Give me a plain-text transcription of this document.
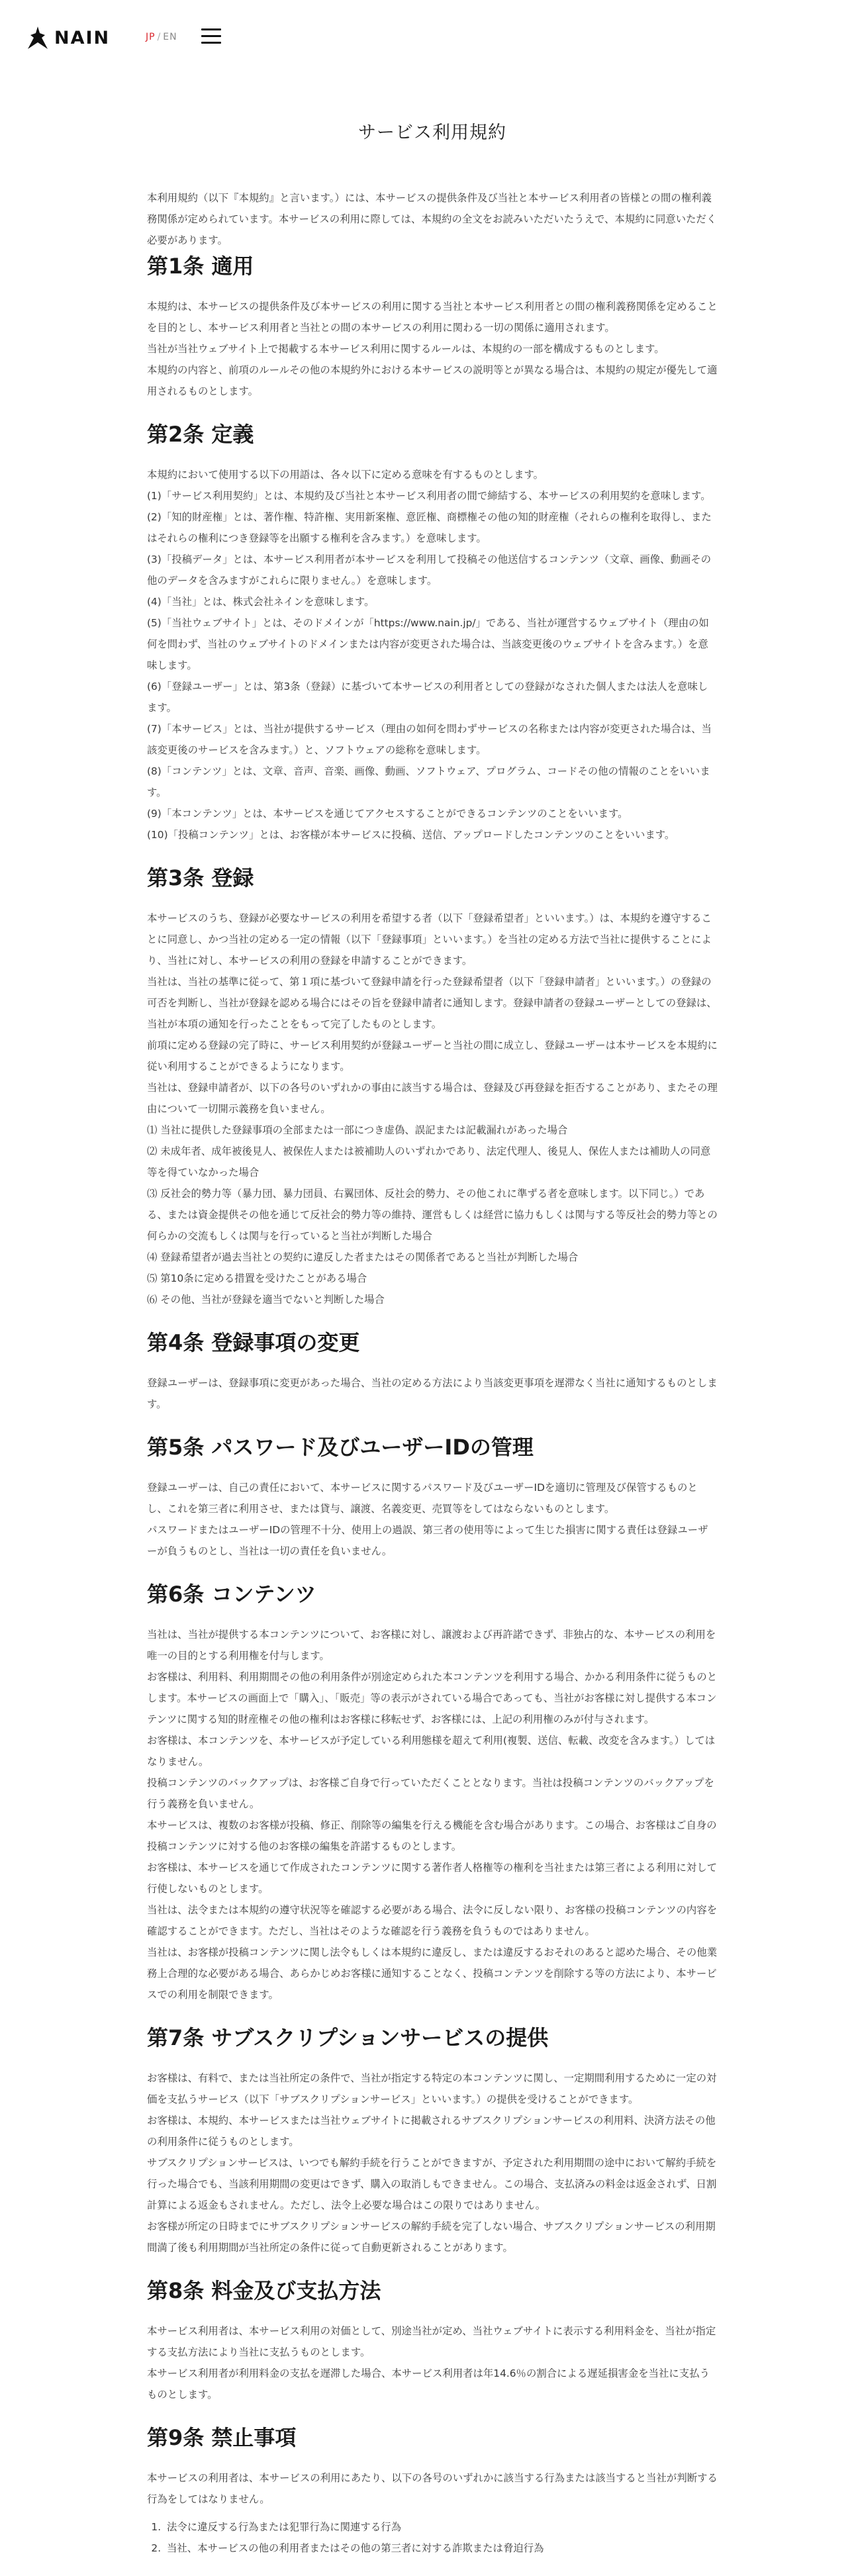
NAIN	JP / EN
サービス利用規約

本利用規約（以下『本規約』と言います。）には、本サービスの提供条件及び当社と本サービス利用者の皆様との間の権利義務関係が定められています。本サービスの利用に際しては、本規約の全文をお読みいただいたうえで、本規約に同意いただく必要があります。

第1条 適用

本規約は、本サービスの提供条件及び本サービスの利用に関する当社と本サービス利用者との間の権利義務関係を定めることを目的とし、本サービス利用者と当社との間の本サービスの利用に関わる一切の関係に適用されます。

当社が当社ウェブサイト上で掲載する本サービス利用に関するルールは、本規約の一部を構成するものとします。

本規約の内容と、前項のルールその他の本規約外における本サービスの説明等とが異なる場合は、本規約の規定が優先して適用されるものとします。

第2条 定義

本規約において使用する以下の用語は、各々以下に定める意味を有するものとします。

(1)「サービス利用契約」とは、本規約及び当社と本サービス利用者の間で締結する、本サービスの利用契約を意味します。

(2)「知的財産権」とは、著作権、特許権、実用新案権、意匠権、商標権その他の知的財産権（それらの権利を取得し、またはそれらの権利につき登録等を出願する権利を含みます。）を意味します。

(3)「投稿データ」とは、本サービス利用者が本サービスを利用して投稿その他送信するコンテンツ（文章、画像、動画その他のデータを含みますがこれらに限りません。）を意味します。

(4)「当社」とは、株式会社ネインを意味します。

(5)「当社ウェブサイト」とは、そのドメインが「https://www.nain.jp/」である、当社が運営するウェブサイト（理由の如何を問わず、当社のウェブサイトのドメインまたは内容が変更された場合は、当該変更後のウェブサイトを含みます。）を意味します。

(6)「登録ユーザー」とは、第3条（登録）に基づいて本サービスの利用者としての登録がなされた個人または法人を意味します。

(7)「本サービス」とは、当社が提供するサービス（理由の如何を問わずサービスの名称または内容が変更された場合は、当該変更後のサービスを含みます。）と、ソフトウェアの総称を意味します。

(8)「コンテンツ」とは、文章、音声、音楽、画像、動画、ソフトウェア、プログラム、コードその他の情報のことをいいます。

(9)「本コンテンツ」とは、本サービスを通じてアクセスすることができるコンテンツのことをいいます。

(10)「投稿コンテンツ」とは、お客様が本サービスに投稿、送信、アップロードしたコンテンツのことをいいます。

第3条 登録

本サービスのうち、登録が必要なサービスの利用を希望する者（以下「登録希望者」といいます。）は、本規約を遵守することに同意し、かつ当社の定める一定の情報（以下「登録事項」といいます。）を当社の定める方法で当社に提供することにより、当社に対し、本サービスの利用の登録を申請することができます。

当社は、当社の基準に従って、第１項に基づいて登録申請を行った登録希望者（以下「登録申請者」といいます。）の登録の可否を判断し、当社が登録を認める場合にはその旨を登録申請者に通知します。登録申請者の登録ユーザーとしての登録は、当社が本項の通知を行ったことをもって完了したものとします。

前項に定める登録の完了時に、サービス利用契約が登録ユーザーと当社の間に成立し、登録ユーザーは本サービスを本規約に従い利用することができるようになります。

当社は、登録申請者が、以下の各号のいずれかの事由に該当する場合は、登録及び再登録を拒否することがあり、またその理由について一切開示義務を負いません。

⑴ 当社に提供した登録事項の全部または一部につき虚偽、誤記または記載漏れがあった場合

⑵ 未成年者、成年被後見人、被保佐人または被補助人のいずれかであり、法定代理人、後見人、保佐人または補助人の同意等を得ていなかった場合

⑶ 反社会的勢力等（暴力団、暴力団員、右翼団体、反社会的勢力、その他これに準ずる者を意味します。以下同じ。）である、または資金提供その他を通じて反社会的勢力等の維持、運営もしくは経営に協力もしくは関与する等反社会的勢力等との何らかの交流もしくは関与を行っていると当社が判断した場合

⑷ 登録希望者が過去当社との契約に違反した者またはその関係者であると当社が判断した場合

⑸ 第10条に定める措置を受けたことがある場合

⑹ その他、当社が登録を適当でないと判断した場合

第4条 登録事項の変更

登録ユーザーは、登録事項に変更があった場合、当社の定める方法により当該変更事項を遅滞なく当社に通知するものとします。

第5条 パスワード及びユーザーIDの管理

登録ユーザーは、自己の責任において、本サービスに関するパスワード及びユーザーIDを適切に管理及び保管するものとし、これを第三者に利用させ、または貸与、譲渡、名義変更、売買等をしてはならないものとします。

パスワードまたはユーザーIDの管理不十分、使用上の過誤、第三者の使用等によって生じた損害に関する責任は登録ユーザーが負うものとし、当社は一切の責任を負いません。

第6条 コンテンツ

当社は、当社が提供する本コンテンツについて、お客様に対し、譲渡および再許諾できず、非独占的な、本サービスの利用を唯一の目的とする利用権を付与します。

お客様は、利用料、利用期間その他の利用条件が別途定められた本コンテンツを利用する場合、かかる利用条件に従うものとします。本サービスの画面上で「購入」、「販売」等の表示がされている場合であっても、当社がお客様に対し提供する本コンテンツに関する知的財産権その他の権利はお客様に移転せず、お客様には、上記の利用権のみが付与されます。

お客様は、本コンテンツを、本サービスが予定している利用態様を超えて利用(複製、送信、転載、改変を含みます。）してはなりません。

投稿コンテンツのバックアップは、お客様ご自身で行っていただくこととなります。当社は投稿コンテンツのバックアップを行う義務を負いません。

本サービスは、複数のお客様が投稿、修正、削除等の編集を行える機能を含む場合があります。この場合、お客様はご自身の投稿コンテンツに対する他のお客様の編集を許諾するものとします。

お客様は、本サービスを通じて作成されたコンテンツに関する著作者人格権等の権利を当社または第三者による利用に対して行使しないものとします。

当社は、法令または本規約の遵守状況等を確認する必要がある場合、法令に反しない限り、お客様の投稿コンテンツの内容を確認することができます。ただし、当社はそのような確認を行う義務を負うものではありません。

当社は、お客様が投稿コンテンツに関し法令もしくは本規約に違反し、または違反するおそれのあると認めた場合、その他業務上合理的な必要がある場合、あらかじめお客様に通知することなく、投稿コンテンツを削除する等の方法により、本サービスでの利用を制限できます。

第7条 サブスクリプションサービスの提供

お客様は、有料で、または当社所定の条件で、当社が指定する特定の本コンテンツに関し、一定期間利用するために一定の対価を支払うサービス（以下「サブスクリプションサービス」といいます。）の提供を受けることができます。

お客様は、本規約、本サービスまたは当社ウェブサイトに掲載されるサブスクリプションサービスの利用料、決済方法その他の利用条件に従うものとします。

サブスクリプションサービスは、いつでも解約手続を行うことができますが、予定された利用期間の途中において解約手続を行った場合でも、当該利用期間の変更はできず、購入の取消しもできません。この場合、支払済みの料金は返金されず、日割計算による返金もされません。ただし、法令上必要な場合はこの限りではありません。

お客様が所定の日時までにサブスクリプションサービスの解約手続を完了しない場合、サブスクリプションサービスの利用期間満了後も利用期間が当社所定の条件に従って自動更新されることがあります。

第8条 料金及び支払方法

本サービス利用者は、本サービス利用の対価として、別途当社が定め、当社ウェブサイトに表示する利用料金を、当社が指定する支払方法により当社に支払うものとします。

本サービス利用者が利用料金の支払を遅滞した場合、本サービス利用者は年14.6％の割合による遅延損害金を当社に支払うものとします。

第9条 禁止事項

本サービスの利用者は、本サービスの利用にあたり、以下の各号のいずれかに該当する行為または該当すると当社が判断する行為をしてはなりません。

1. 法令に違反する行為または犯罪行為に関連する行為
2. 当社、本サービスの他の利用者またはその他の第三者に対する詐欺または脅迫行為
